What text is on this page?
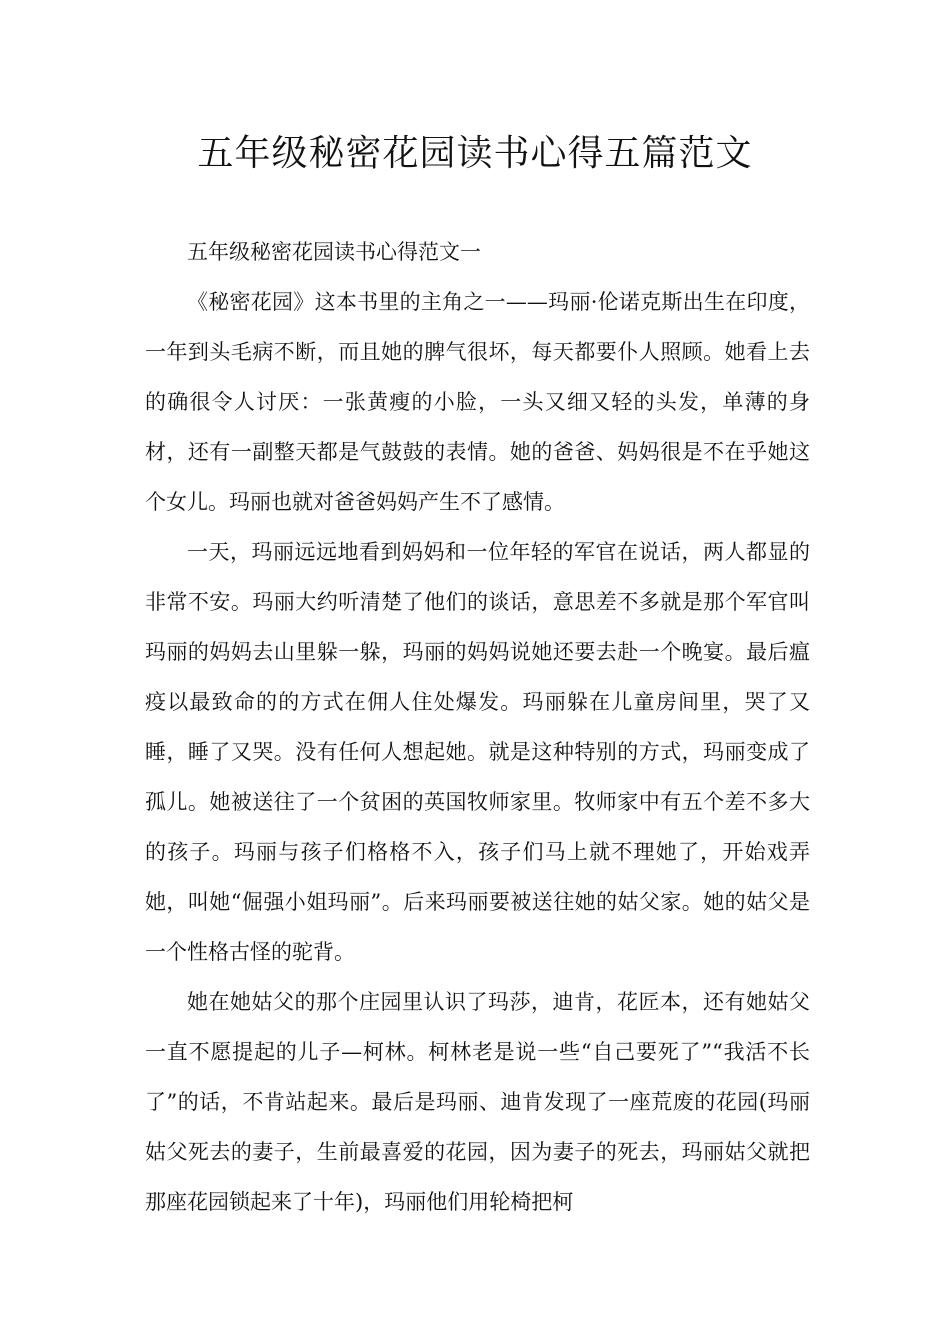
五年级秘密花园读书心得五篇范文

五年级秘密花园读书心得范文一

《秘密花园》这本书里的主角之一——玛丽·伦诺克斯出生在印度，一年到头毛病不断，而且她的脾气很坏，每天都要仆人照顾。她看上去的确很令人讨厌：一张黄瘦的小脸，一头又细又轻的头发，单薄的身材，还有一副整天都是气鼓鼓的表情。她的爸爸、妈妈很是不在乎她这个女儿。玛丽也就对爸爸妈妈产生不了感情。

一天，玛丽远远地看到妈妈和一位年轻的军官在说话，两人都显的非常不安。玛丽大约听清楚了他们的谈话，意思差不多就是那个军官叫玛丽的妈妈去山里躲一躲，玛丽的妈妈说她还要去赴一个晚宴。最后瘟疫以最致命的的方式在佣人住处爆发。玛丽躲在儿童房间里，哭了又睡，睡了又哭。没有任何人想起她。就是这种特别的方式，玛丽变成了孤儿。她被送往了一个贫困的英国牧师家里。牧师家中有五个差不多大的孩子。玛丽与孩子们格格不入，孩子们马上就不理她了，开始戏弄她，叫她“倔强小姐玛丽”。后来玛丽要被送往她的姑父家。她的姑父是一个性格古怪的驼背。

她在她姑父的那个庄园里认识了玛莎，迪肯，花匠本，还有她姑父一直不愿提起的儿子—柯林。柯林老是说一些“自己要死了”“我活不长了”的话，不肯站起来。最后是玛丽、迪肯发现了一座荒废的花园(玛丽姑父死去的妻子，生前最喜爱的花园，因为妻子的死去，玛丽姑父就把那座花园锁起来了十年)，玛丽他们用轮椅把柯
